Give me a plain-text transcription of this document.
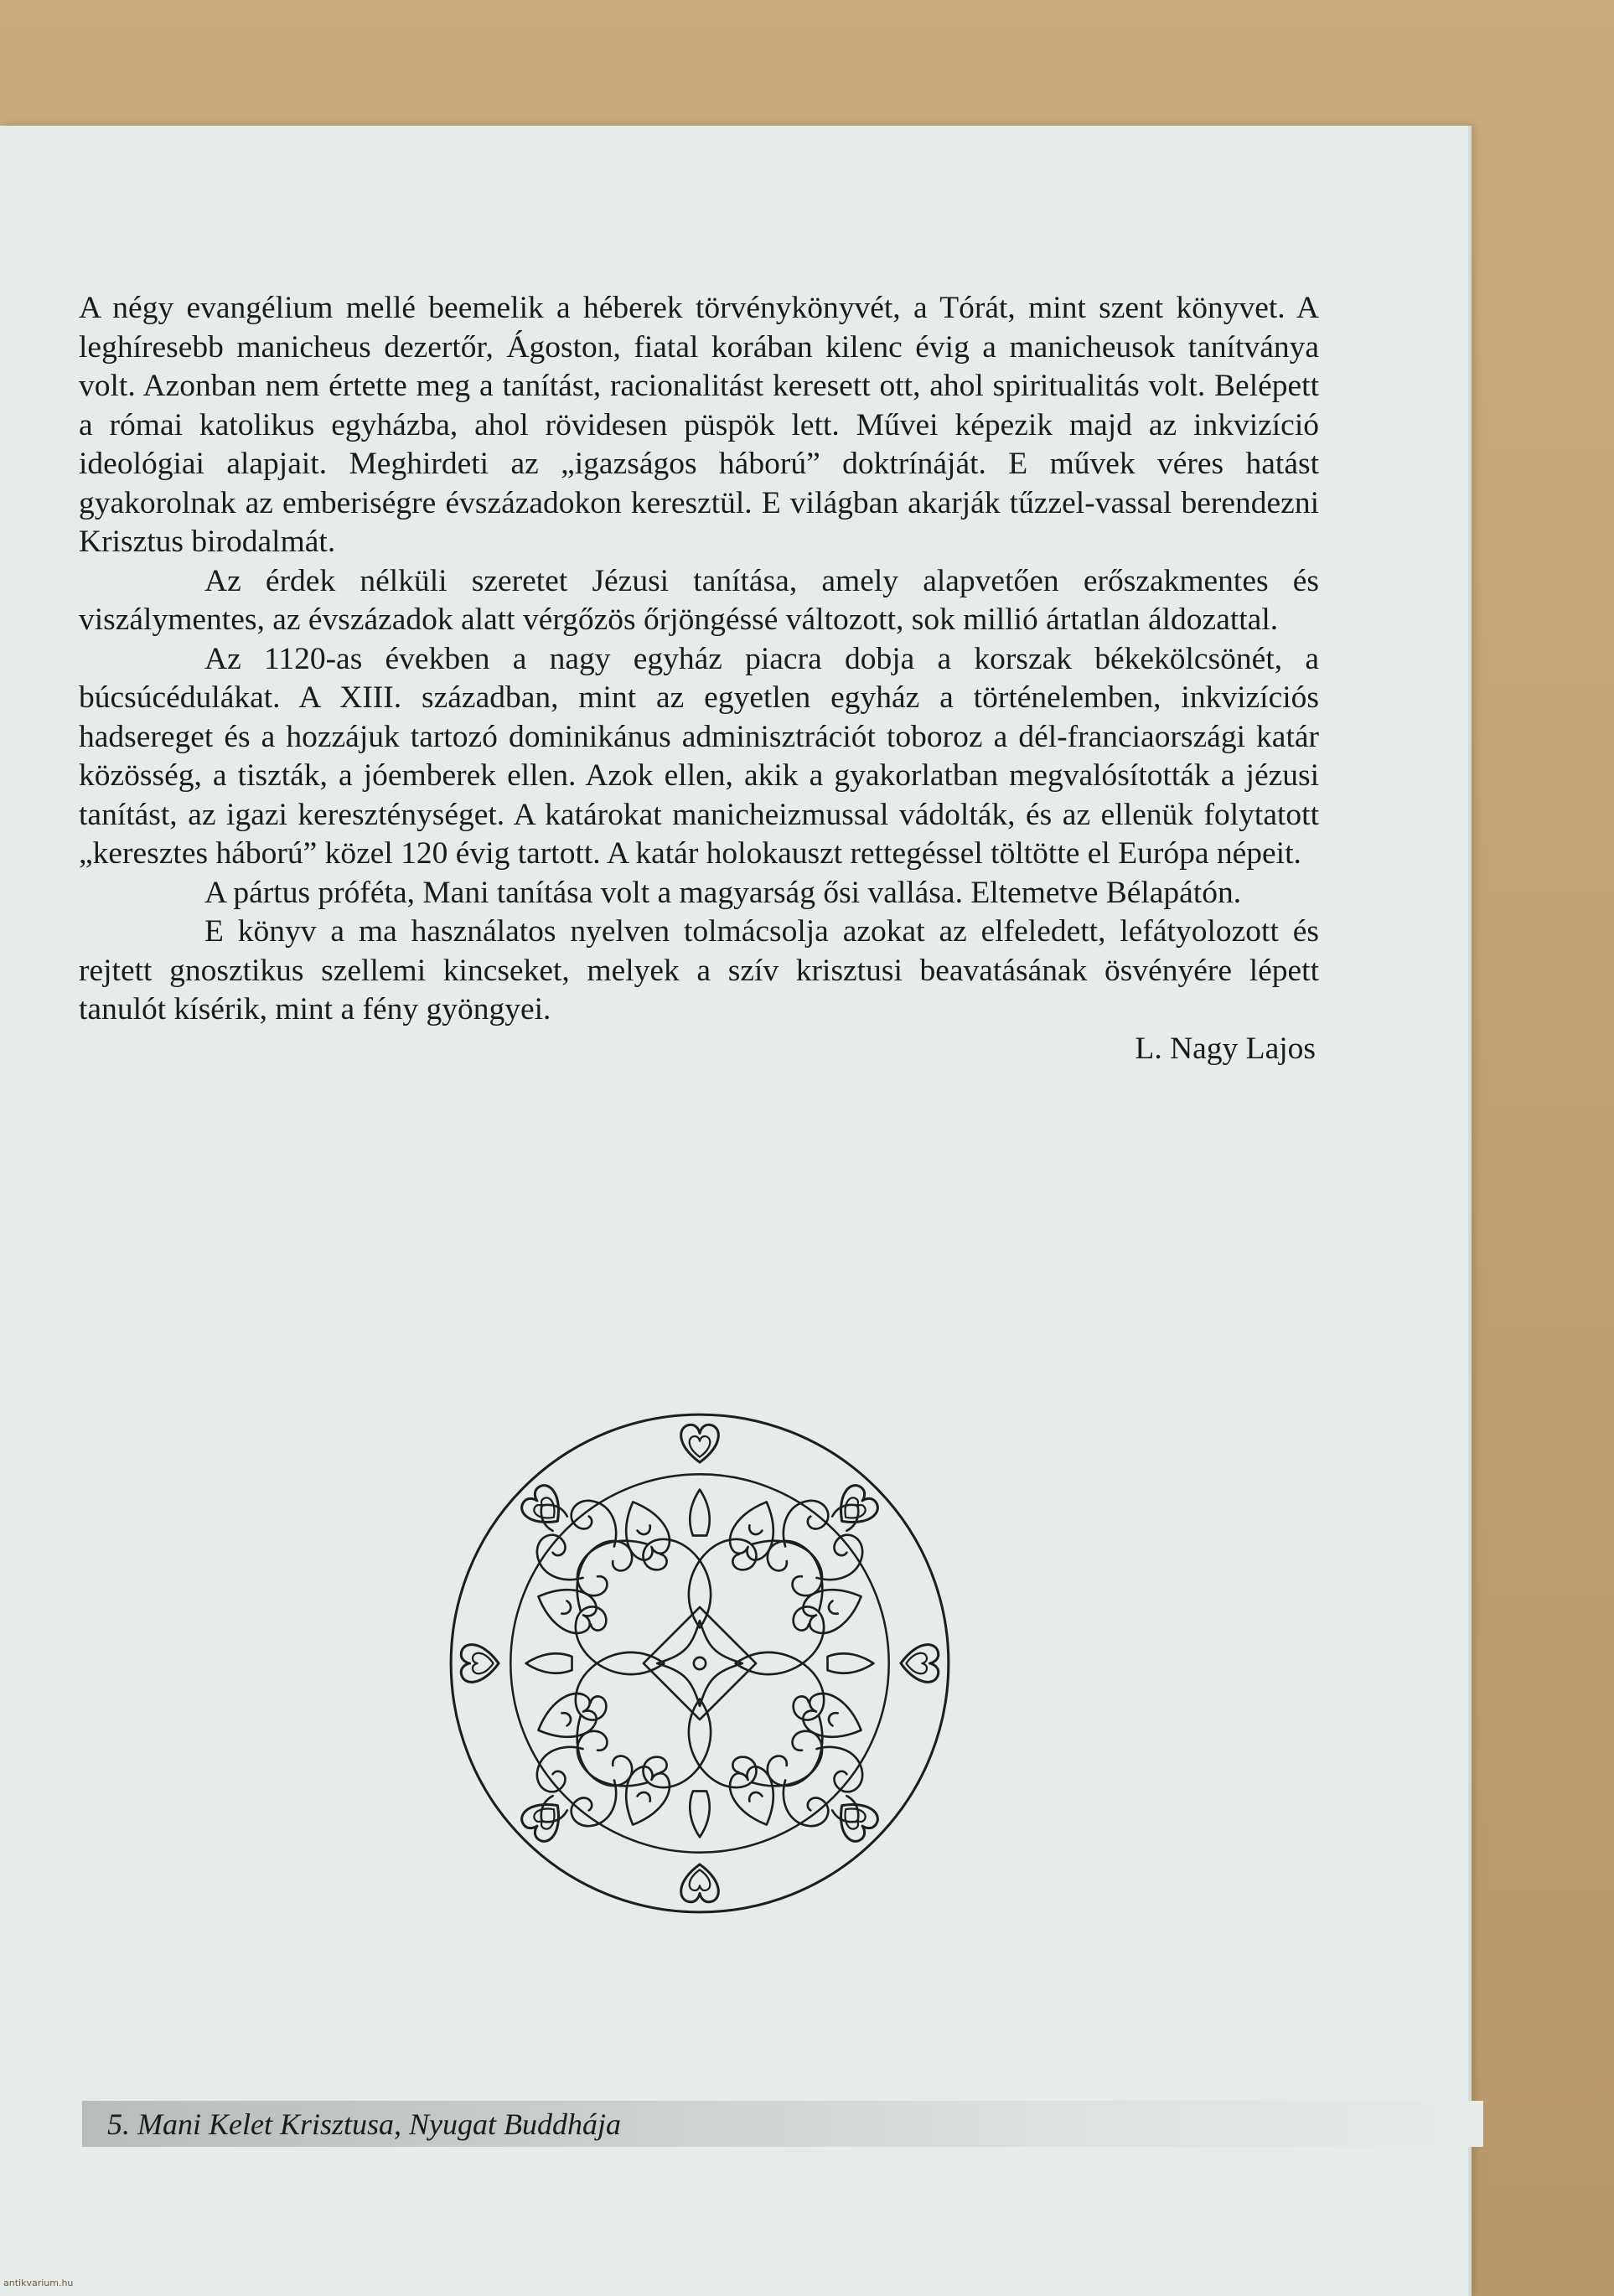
A négy evangélium mellé beemelik a héberek törvénykönyvét, a Tórát, mint szent könyvet. A leghíresebb manicheus dezertőr, Ágoston, fiatal korában kilenc évig a manicheusok tanítványa volt. Azonban nem értette meg a tanítást, racionalitást keresett ott, ahol spiritualitás volt. Belépett a római katolikus egyházba, ahol rövidesen püspök lett. Művei képezik majd az inkvizíció ideológiai alapjait. Meghirdeti az „igazságos háború” doktrínáját. E művek véres hatást gyakorolnak az emberiségre évszázadokon keresztül. E világban akarják tűzzel-vassal berendezni Krisztus birodalmát.

Az érdek nélküli szeretet Jézusi tanítása, amely alapvetően erőszakmentes és viszálymentes, az évszázadok alatt vérgőzös őrjöngéssé változott, sok millió ártatlan áldozattal.

Az 1120-as években a nagy egyház piacra dobja a korszak békekölcsönét, a búcsúcédulákat. A XIII. században, mint az egyetlen egyház a történelemben, inkvizíciós hadsereget és a hozzájuk tartozó dominikánus adminisztrációt toboroz a dél-franciaországi katár közösség, a tiszták, a jóemberek ellen. Azok ellen, akik a gyakorlatban megvalósították a jézusi tanítást, az igazi kereszténységet. A katárokat manicheizmussal vádolták, és az ellenük folytatott „keresztes háború” közel 120 évig tartott. A katár holokauszt rettegéssel töltötte el Európa népeit.

A pártus próféta, Mani tanítása volt a magyarság ősi vallása. Eltemetve Bélapátón.

E könyv a ma használatos nyelven tolmácsolja azokat az elfeledett, lefátyolozott és rejtett gnosztikus szellemi kincseket, melyek a szív krisztusi beavatásának ösvényére lépett tanulót kísérik, mint a fény gyöngyei.

L. Nagy Lajos

5. Mani Kelet Krisztusa, Nyugat Buddhája
antikvarium.hu
